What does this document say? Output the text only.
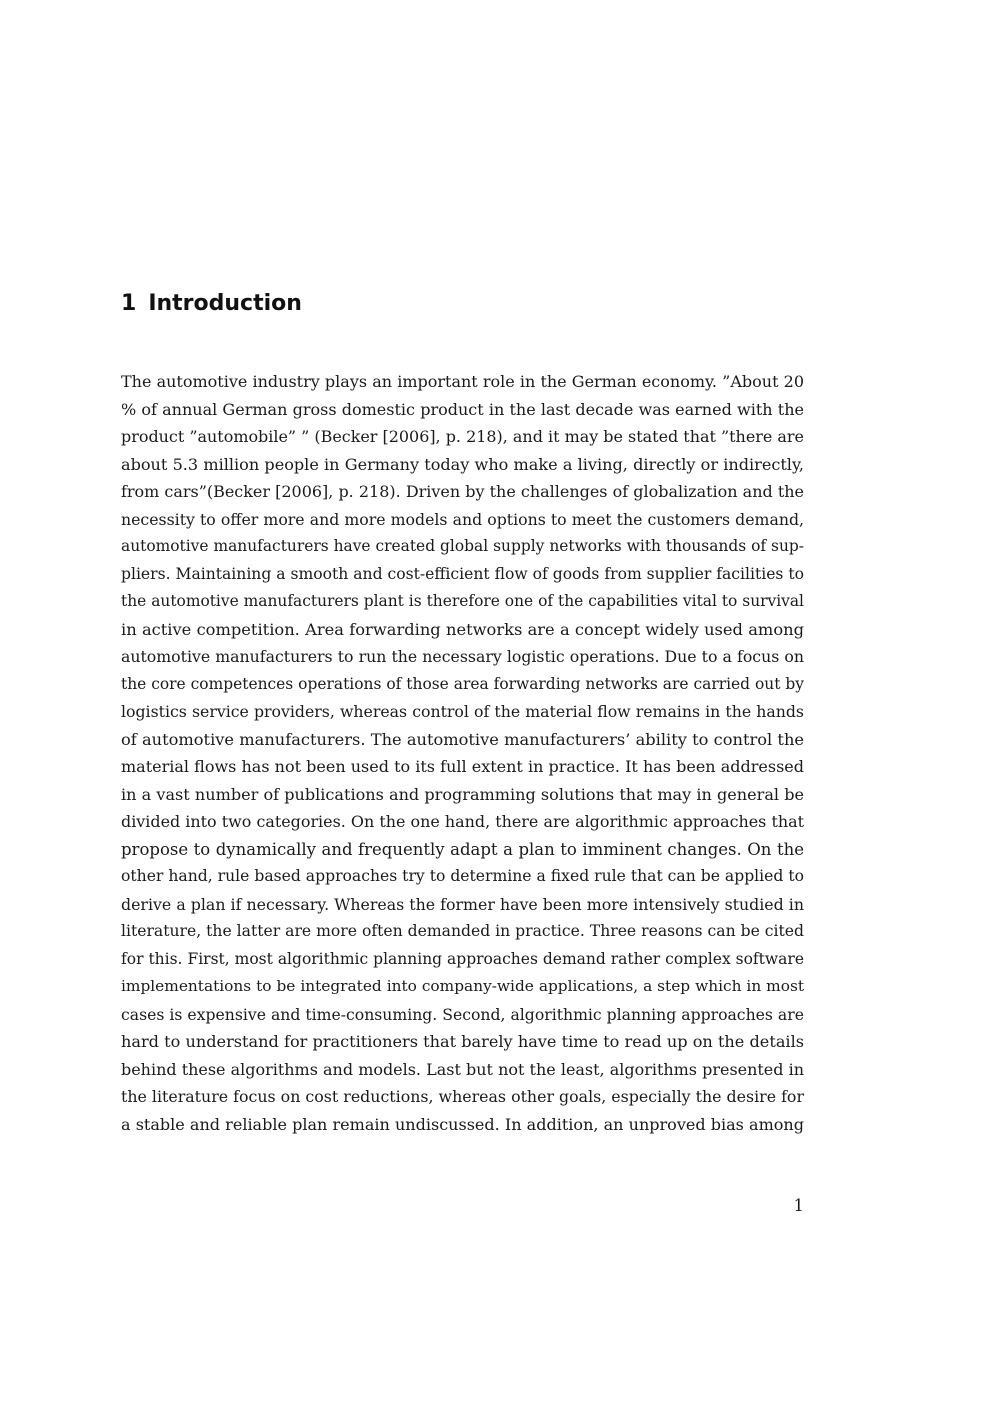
1 Introduction
The automotive industry plays an important role in the German economy. ”About 20
% of annual German gross domestic product in the last decade was earned with the
product ”automobile” ” (Becker [2006], p. 218), and it may be stated that ”there are
about 5.3 million people in Germany today who make a living, directly or indirectly,
from cars”(Becker [2006], p. 218). Driven by the challenges of globalization and the
necessity to offer more and more models and options to meet the customers demand,
automotive manufacturers have created global supply networks with thousands of sup-
pliers. Maintaining a smooth and cost-efficient flow of goods from supplier facilities to
the automotive manufacturers plant is therefore one of the capabilities vital to survival
in active competition. Area forwarding networks are a concept widely used among
automotive manufacturers to run the necessary logistic operations. Due to a focus on
the core competences operations of those area forwarding networks are carried out by
logistics service providers, whereas control of the material flow remains in the hands
of automotive manufacturers. The automotive manufacturers’ ability to control the
material flows has not been used to its full extent in practice. It has been addressed
in a vast number of publications and programming solutions that may in general be
divided into two categories. On the one hand, there are algorithmic approaches that
propose to dynamically and frequently adapt a plan to imminent changes. On the
other hand, rule based approaches try to determine a fixed rule that can be applied to
derive a plan if necessary. Whereas the former have been more intensively studied in
literature, the latter are more often demanded in practice. Three reasons can be cited
for this. First, most algorithmic planning approaches demand rather complex software
implementations to be integrated into company-wide applications, a step which in most
cases is expensive and time-consuming. Second, algorithmic planning approaches are
hard to understand for practitioners that barely have time to read up on the details
behind these algorithms and models. Last but not the least, algorithms presented in
the literature focus on cost reductions, whereas other goals, especially the desire for
a stable and reliable plan remain undiscussed. In addition, an unproved bias among
1
